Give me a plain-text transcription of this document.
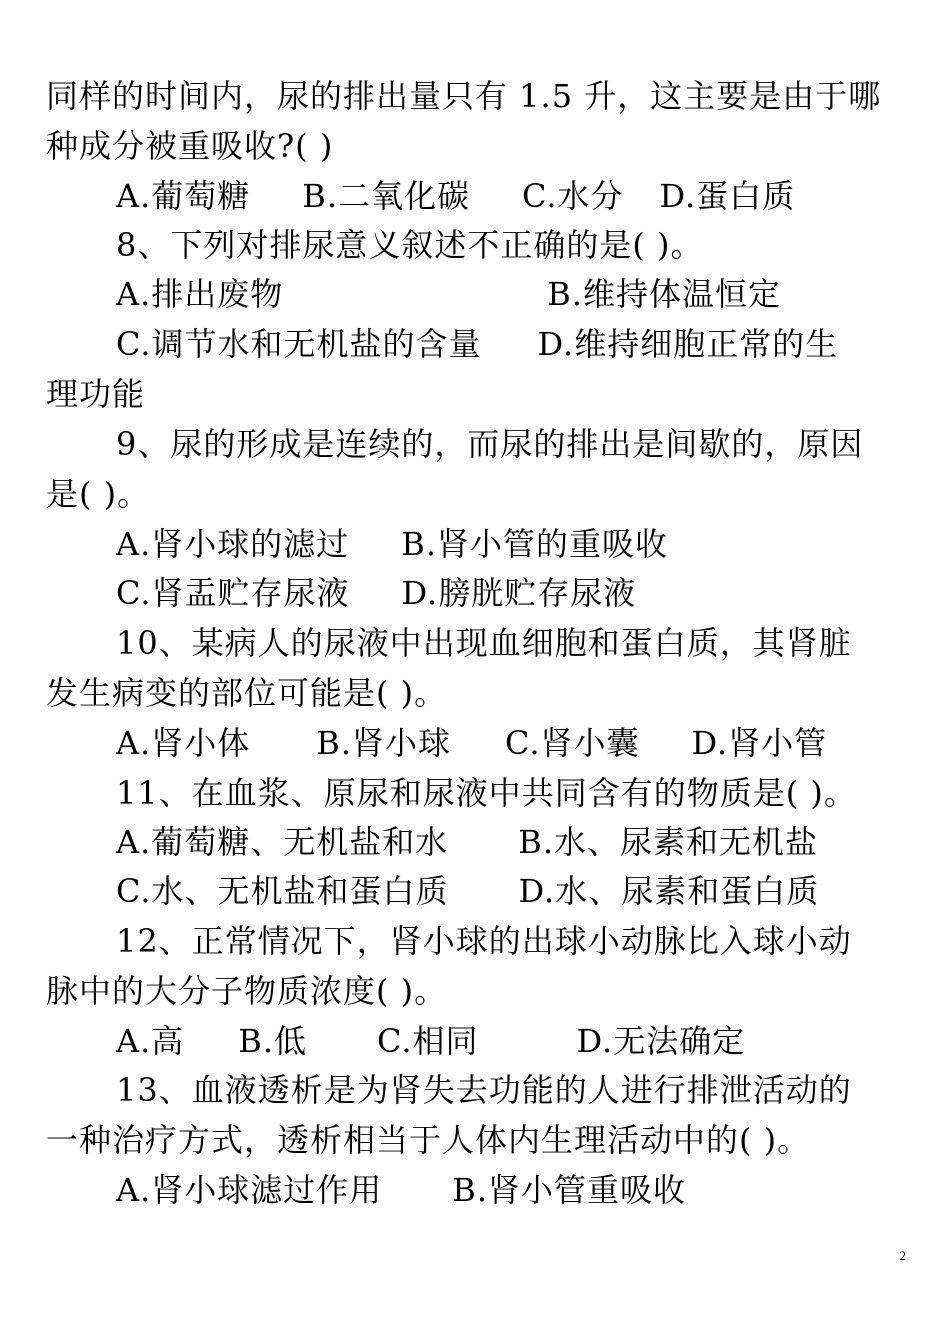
同样的时间内，尿的排出量只有 1.5 升，这主要是由于哪
种成分被重吸收?( )
A.葡萄糖 B.二氧化碳 C.水分 D.蛋白质
8、下列对排尿意义叙述不正确的是( )。
A.排出废物	B.维持体温恒定
C.调节水和无机盐的含量 D.维持细胞正常的生
理功能
9、尿的形成是连续的，而尿的排出是间歇的，原因
是( )。
A.肾小球的滤过 B.肾小管的重吸收
C.肾盂贮存尿液 D.膀胱贮存尿液
10、某病人的尿液中出现血细胞和蛋白质，其肾脏
发生病变的部位可能是( )。
A.肾小体 B.肾小球 C.肾小囊 D.肾小管
11、在血浆、原尿和尿液中共同含有的物质是( )。
A.葡萄糖、无机盐和水 B.水、尿素和无机盐
C.水、无机盐和蛋白质 D.水、尿素和蛋白质
12、正常情况下，肾小球的出球小动脉比入球小动
脉中的大分子物质浓度( )。
A.高 B.低 C.相同	D.无法确定
13、血液透析是为肾失去功能的人进行排泄活动的
一种治疗方式，透析相当于人体内生理活动中的( )。
A.肾小球滤过作用 B.肾小管重吸收
2
